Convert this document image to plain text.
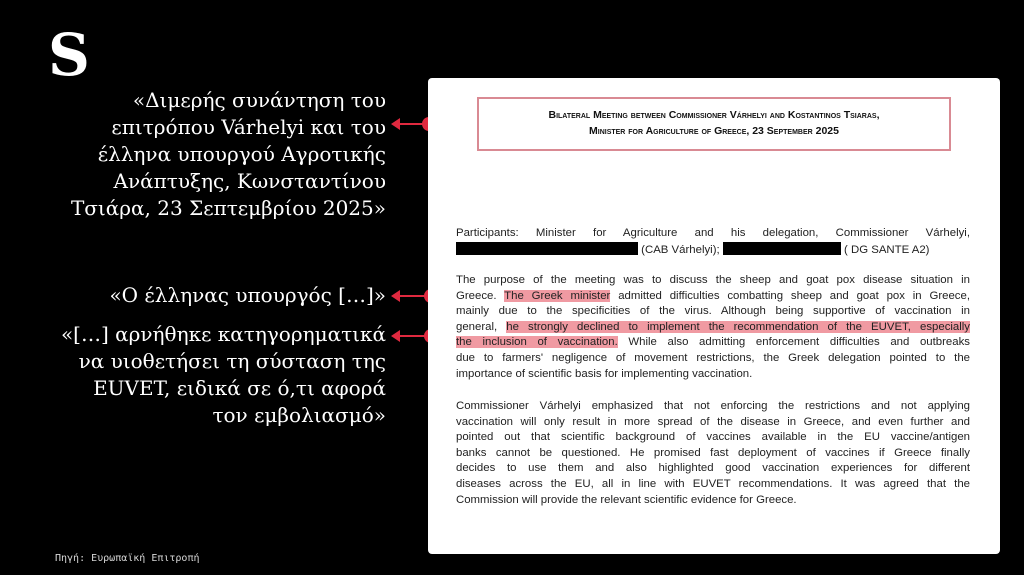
S
«Διμερής συνάντηση του
επιτρόπου Várhelyi και του
έλληνα υπουργού Αγροτικής
Ανάπτυξης, Κωνσταντίνου
Τσιάρα, 23 Σεπτεμβρίου 2025»
«Ο έλληνας υπουργός […]»
«[…] αρνήθηκε κατηγορηματικά
να υιοθετήσει τη σύσταση της
EUVET, ειδικά σε ό,τι αφορά
τον εμβολιασμό»
Bilateral Meeting between Commissioner Várhelyi and Kostantinos Tsiaras,
Minister for Agriculture of Greece, 23 September 2025
Participants: Minister for Agriculture and his delegation, Commissioner Várhelyi,
(CAB Várhelyi);	( DG SANTE A2)
The purpose of the meeting was to discuss the sheep and goat pox disease situation in
Greece. The Greek minister admitted difficulties combatting sheep and goat pox in Greece,
mainly due to the specificities of the virus. Although being supportive of vaccination in
general, he strongly declined to implement the recommendation of the EUVET, especially
the inclusion of vaccination. While also admitting enforcement difficulties and outbreaks
due to farmers' negligence of movement restrictions, the Greek delegation pointed to the
importance of scientific basis for implementing vaccination.
Commissioner Várhelyi emphasized that not enforcing the restrictions and not applying
vaccination will only result in more spread of the disease in Greece, and even further and
pointed out that scientific background of vaccines available in the EU vaccine/antigen
banks cannot be questioned. He promised fast deployment of vaccines if Greece finally
decides to use them and also highlighted good vaccination experiences for different
diseases across the EU, all in line with EUVET recommendations. It was agreed that the
Commission will provide the relevant scientific evidence for Greece.
Πηγή: Ευρωπαϊκή Επιτροπή
